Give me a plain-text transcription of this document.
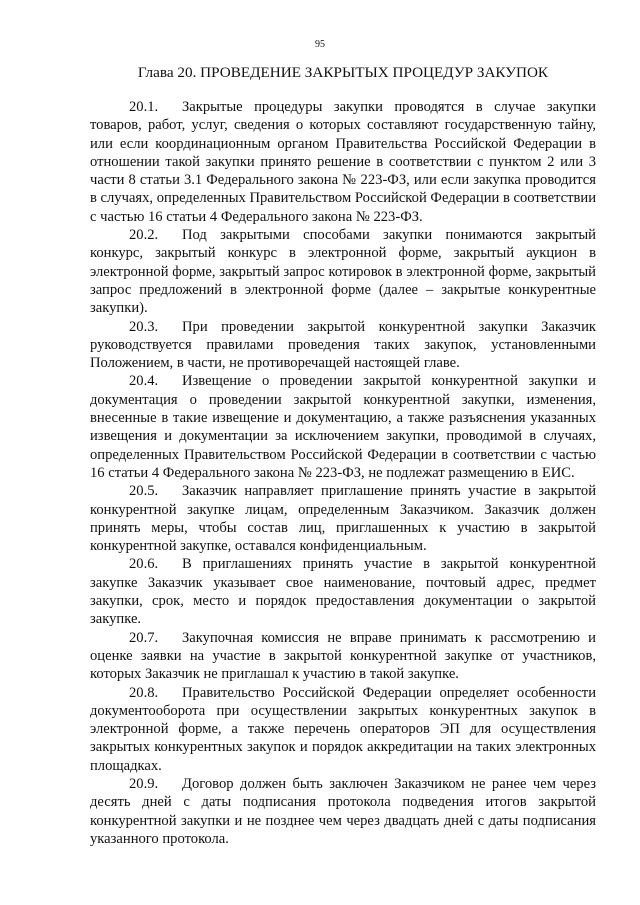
95
Глава 20. ПРОВЕДЕНИЕ ЗАКРЫТЫХ ПРОЦЕДУР ЗАКУПОК

20.1. Закрытые процедуры закупки проводятся в случае закупки товаров, работ, услуг, сведения о которых составляют государственную тайну, или если координационным органом Правительства Российской Федерации в отношении такой закупки принято решение в соответствии с пунктом 2 или 3 части 8 статьи 3.1 Федерального закона № 223-ФЗ, или если закупка проводится в случаях, определенных Правительством Российской Федерации в соответствии с частью 16 статьи 4 Федерального закона № 223-ФЗ.

20.2. Под закрытыми способами закупки понимаются закрытый конкурс, закрытый конкурс в электронной форме, закрытый аукцион в электронной форме, закрытый запрос котировок в электронной форме, закрытый запрос предложений в электронной форме (далее – закрытые конкурентные закупки).

20.3. При проведении закрытой конкурентной закупки Заказчик руководствуется правилами проведения таких закупок, установленными Положением, в части, не противоречащей настоящей главе.

20.4. Извещение о проведении закрытой конкурентной закупки и документация о проведении закрытой конкурентной закупки, изменения, внесенные в такие извещение и документацию, а также разъяснения указанных извещения и документации за исключением закупки, проводимой в случаях, определенных Правительством Российской Федерации в соответствии с частью 16 статьи 4 Федерального закона № 223-ФЗ, не подлежат размещению в ЕИС.

20.5. Заказчик направляет приглашение принять участие в закрытой конкурентной закупке лицам, определенным Заказчиком. Заказчик должен принять меры, чтобы состав лиц, приглашенных к участию в закрытой конкурентной закупке, оставался конфиденциальным.

20.6. В приглашениях принять участие в закрытой конкурентной закупке Заказчик указывает свое наименование, почтовый адрес, предмет закупки, срок, место и порядок предоставления документации о закрытой закупке.

20.7. Закупочная комиссия не вправе принимать к рассмотрению и оценке заявки на участие в закрытой конкурентной закупке от участников, которых Заказчик не приглашал к участию в такой закупке.

20.8. Правительство Российской Федерации определяет особенности документооборота при осуществлении закрытых конкурентных закупок в электронной форме, а также перечень операторов ЭП для осуществления закрытых конкурентных закупок и порядок аккредитации на таких электронных площадках.

20.9. Договор должен быть заключен Заказчиком не ранее чем через десять дней с даты подписания протокола подведения итогов закрытой конкурентной закупки и не позднее чем через двадцать дней с даты подписания указанного протокола.
